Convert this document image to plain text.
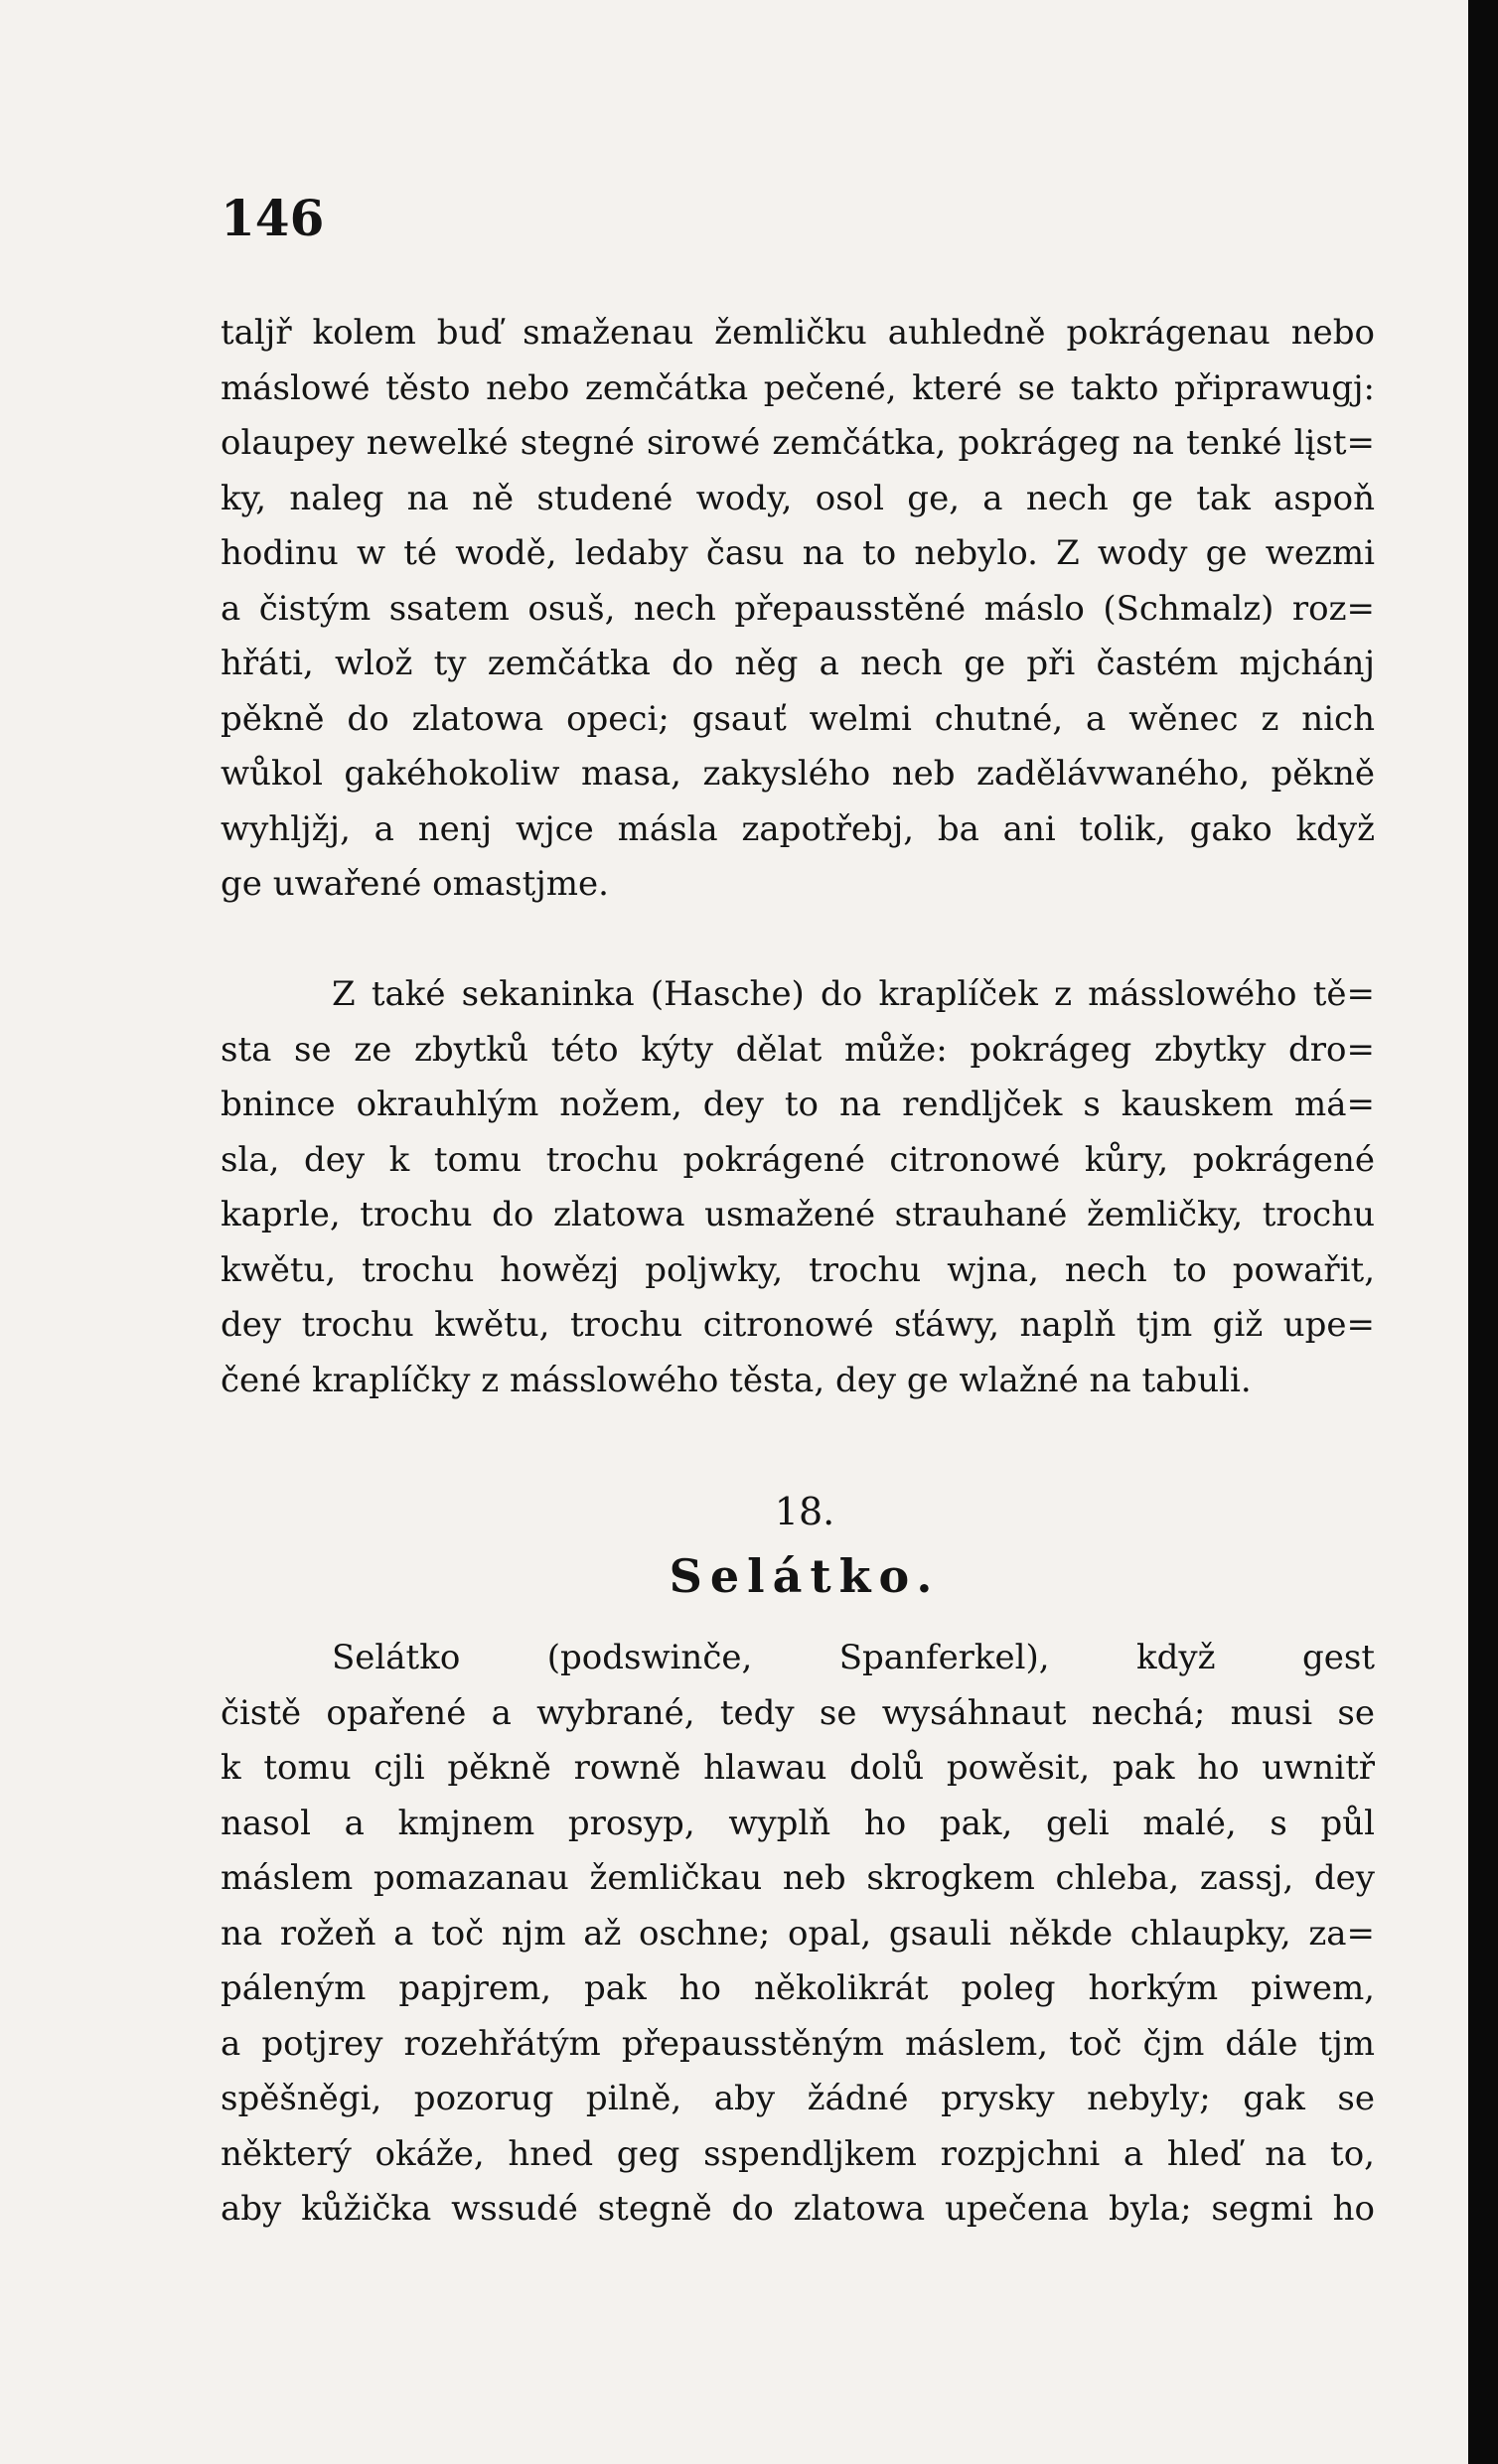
146
taljř kolem buď smaženau žemličku auhledně pokrágenau nebo
máslowé těsto nebo zemčátka pečené, které se takto připrawugj:
olaupey newelké stegné sirowé zemčátka, pokrágeg na tenké lįst=
ky, naleg na ně studené wody, osol ge, a nech ge tak aspoň
hodinu w té wodě, ledaby času na to nebylo. Z wody ge wezmi
a čistým ssatem osuš, nech přepausstěné máslo (Schmalz) roz=
hřáti, wlož ty zemčátka do něg a nech ge při častém mjchánj
pěkně do zlatowa opeci; gsauť welmi chutné, a wěnec z nich
wůkol gakéhokoliw masa, zakyslého neb zadělávwaného, pěkně
wyhljžj, a nenj wjce másla zapotřebj, ba ani tolik, gako když
ge uwařené omastjme.
Z také sekaninka (Hasche) do kraplíček z másslowého tě=
sta se ze zbytků této kýty dělat může: pokrágeg zbytky dro=
bnince okrauhlým nožem, dey to na rendljček s kauskem má=
sla, dey k tomu trochu pokrágené citronowé kůry, pokrágené
kaprle, trochu do zlatowa usmažené strauhané žemličky, trochu
kwětu, trochu howězj poljwky, trochu wjna, nech to powařit,
dey trochu kwětu, trochu citronowé sťáwy, naplň tjm giž upe=
čené kraplíčky z másslowého těsta, dey ge wlažné na tabuli.
18.
Selátko.
Selátko (podswinče, Spanferkel), když gest
čistě opařené a wybrané, tedy se wysáhnaut nechá; musi se
k tomu cjli pěkně rowně hlawau dolů powěsit, pak ho uwnitř
nasol a kmjnem prosyp, wyplň ho pak, geli malé, s půl
máslem pomazanau žemličkau neb skrogkem chleba, zassj, dey
na rožeň a toč njm až oschne; opal, gsauli někde chlaupky, za=
páleným papjrem, pak ho několikrát poleg horkým piwem,
a potjrey rozehřátým přepausstěným máslem, toč čjm dále tjm
spěšněgi, pozorug pilně, aby žádné prysky nebyly; gak se
některý okáže, hned geg sspendljkem rozpjchni a hleď na to,
aby kůžička wssudé stegně do zlatowa upečena byla; segmi ho
